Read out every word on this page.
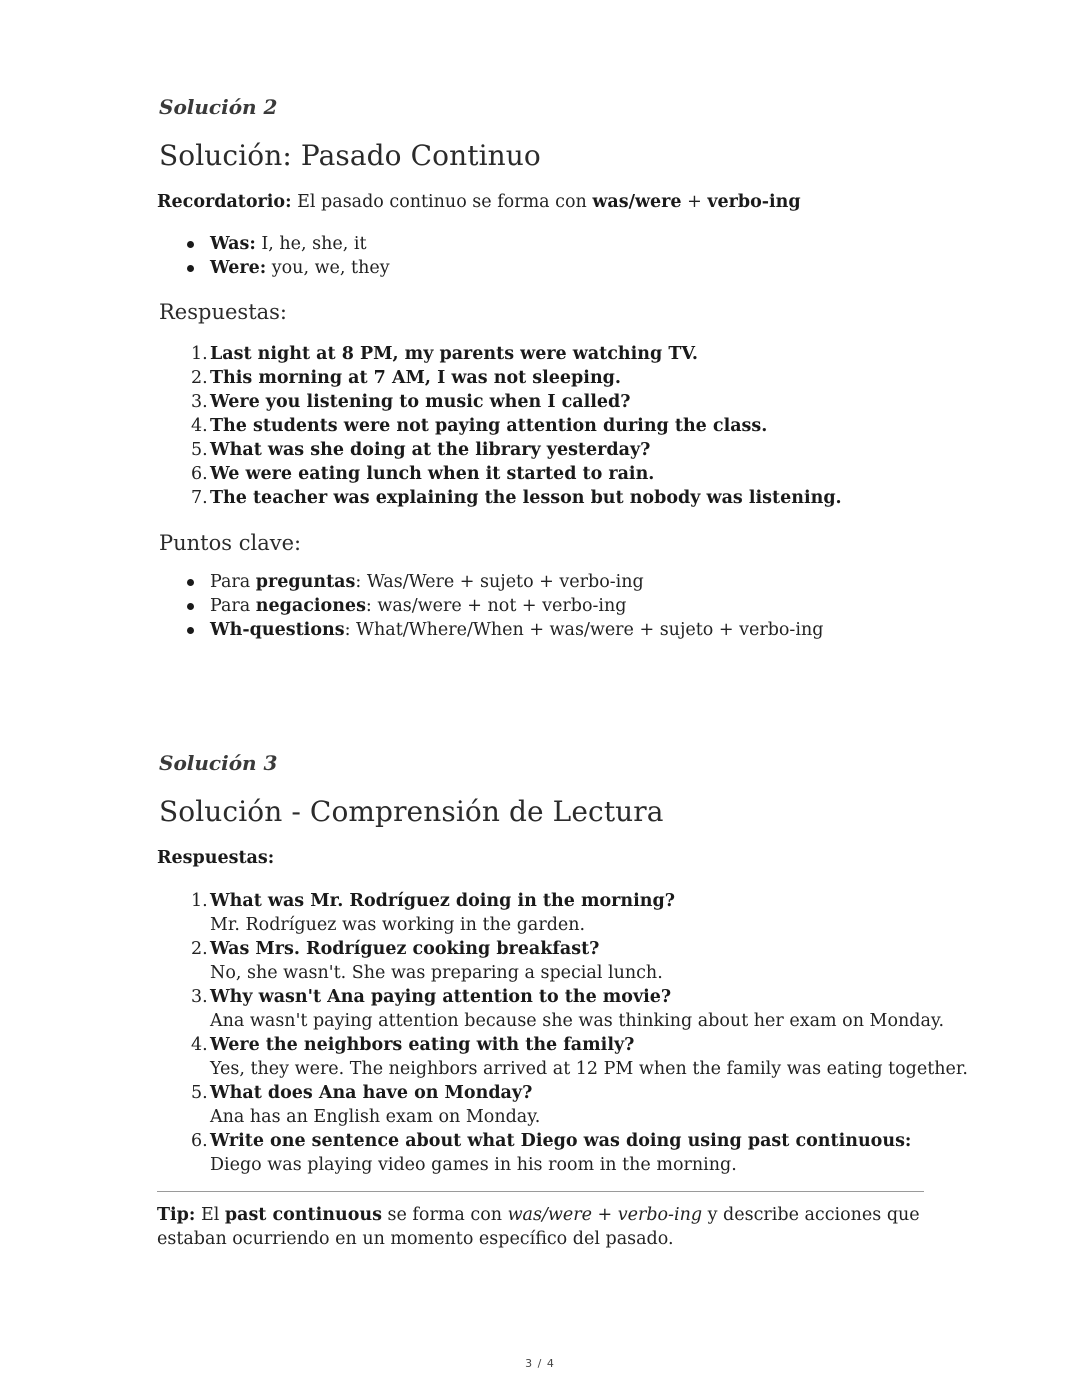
Solución 2
Solución: Pasado Continuo
Recordatorio: El pasado continuo se forma con was/were + verbo-ing
Was: I, he, she, it
Were: you, we, they
Respuestas:
1. Last night at 8 PM, my parents were watching TV.
2. This morning at 7 AM, I was not sleeping.
3. Were you listening to music when I called?
4. The students were not paying attention during the class.
5. What was she doing at the library yesterday?
6. We were eating lunch when it started to rain.
7. The teacher was explaining the lesson but nobody was listening.
Puntos clave:
Para preguntas: Was/Were + sujeto + verbo-ing
Para negaciones: was/were + not + verbo-ing
Wh-questions: What/Where/When + was/were + sujeto + verbo-ing
Solución 3
Solución - Comprensión de Lectura
Respuestas:
1. What was Mr. Rodríguez doing in the morning?
Mr. Rodríguez was working in the garden.
2. Was Mrs. Rodríguez cooking breakfast?
No, she wasn't. She was preparing a special lunch.
3. Why wasn't Ana paying attention to the movie?
Ana wasn't paying attention because she was thinking about her exam on Monday.
4. Were the neighbors eating with the family?
Yes, they were. The neighbors arrived at 12 PM when the family was eating together.
5. What does Ana have on Monday?
Ana has an English exam on Monday.
6. Write one sentence about what Diego was doing using past continuous:
Diego was playing video games in his room in the morning.
Tip: El past continuous se forma con was/were + verbo-ing y describe acciones que estaban ocurriendo en un momento específico del pasado.
3 / 4
